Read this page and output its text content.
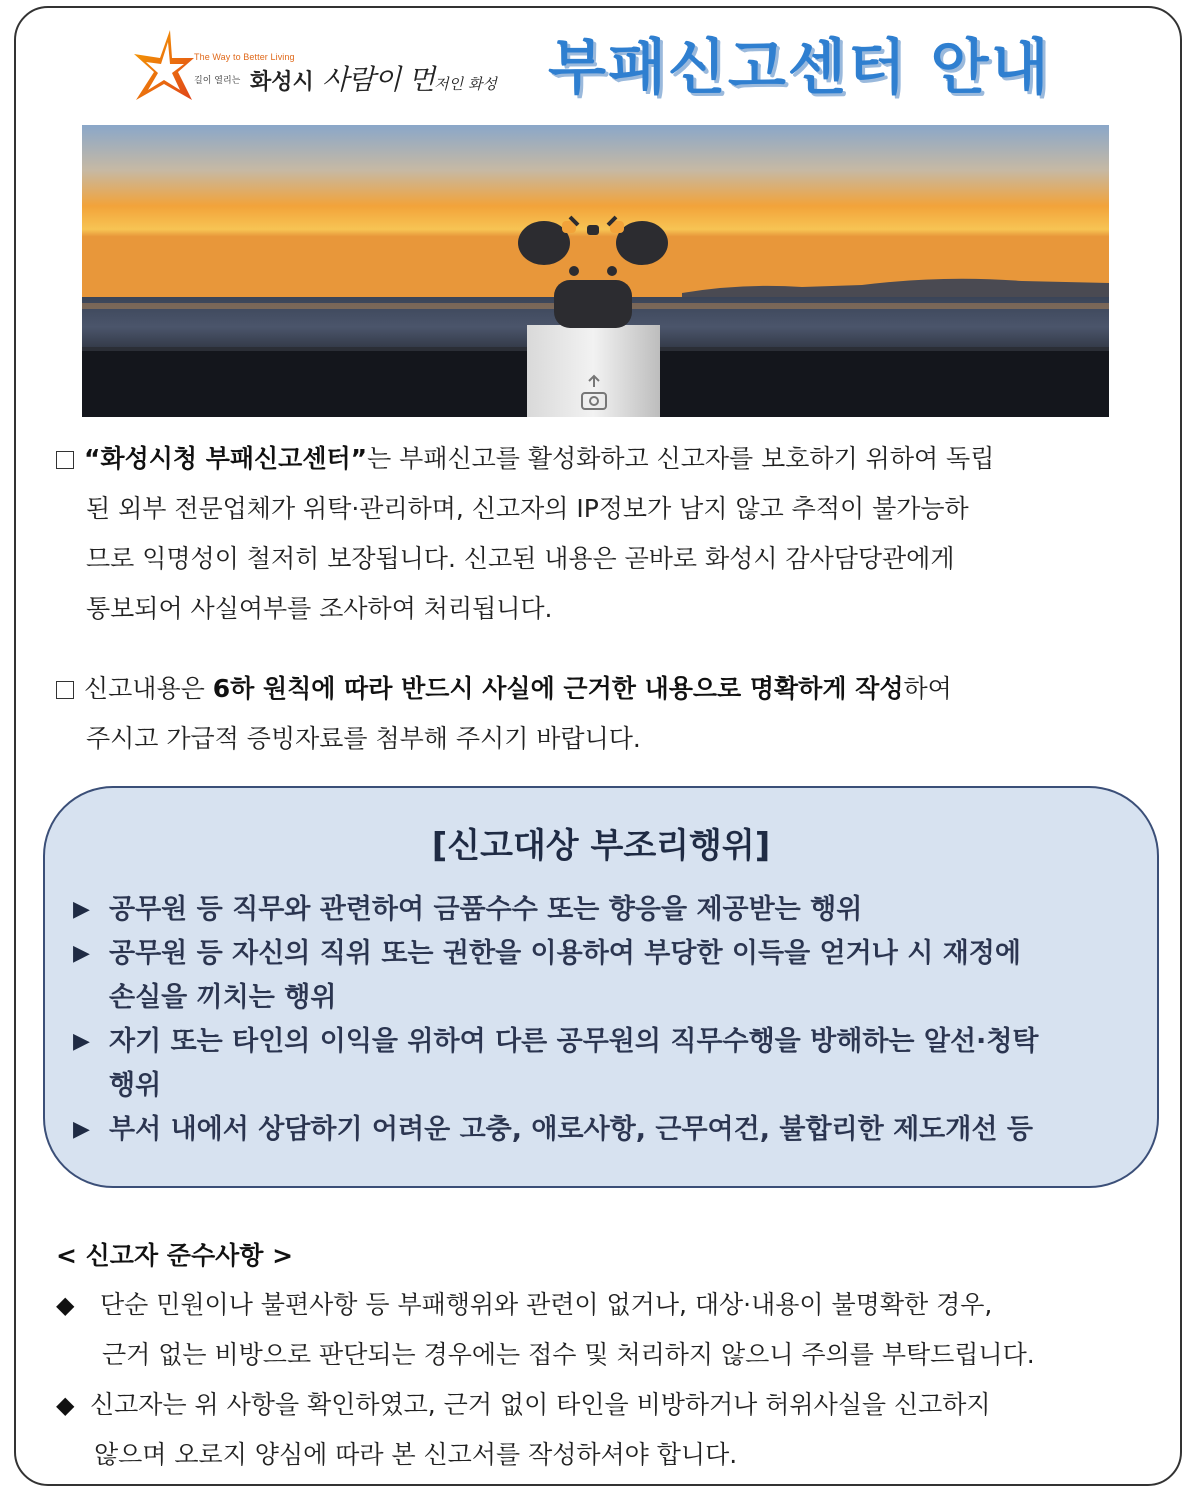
The Way to Better Living
길이 열리는 화성시 사람이 먼저인 화성 부패신고센터 안내
“화성시청 부패신고센터”는 부패신고를 활성화하고 신고자를 보호하기 위하여 독립
된 외부 전문업체가 위탁·관리하며, 신고자의 IP정보가 남지 않고 추적이 불가능하
므로 익명성이 철저히 보장됩니다. 신고된 내용은 곧바로 화성시 감사담당관에게
통보되어 사실여부를 조사하여 처리됩니다.
신고내용은 6하 원칙에 따라 반드시 사실에 근거한 내용으로 명확하게 작성하여
주시고 가급적 증빙자료를 첨부해 주시기 바랍니다.
[신고대상 부조리행위]
▶ 공무원 등 직무와 관련하여 금품수수 또는 향응을 제공받는 행위
▶ 공무원 등 자신의 직위 또는 권한을 이용하여 부당한 이득을 얻거나 시 재정에
손실을 끼치는 행위
▶ 자기 또는 타인의 이익을 위하여 다른 공무원의 직무수행을 방해하는 알선·청탁
행위
▶ 부서 내에서 상담하기 어려운 고충, 애로사항, 근무여건, 불합리한 제도개선 등
< 신고자 준수사항 >
◆ 단순 민원이나 불편사항 등 부패행위와 관련이 없거나, 대상·내용이 불명확한 경우,
근거 없는 비방으로 판단되는 경우에는 접수 및 처리하지 않으니 주의를 부탁드립니다.
◆ 신고자는 위 사항을 확인하였고, 근거 없이 타인을 비방하거나 허위사실을 신고하지
않으며 오로지 양심에 따라 본 신고서를 작성하셔야 합니다.
